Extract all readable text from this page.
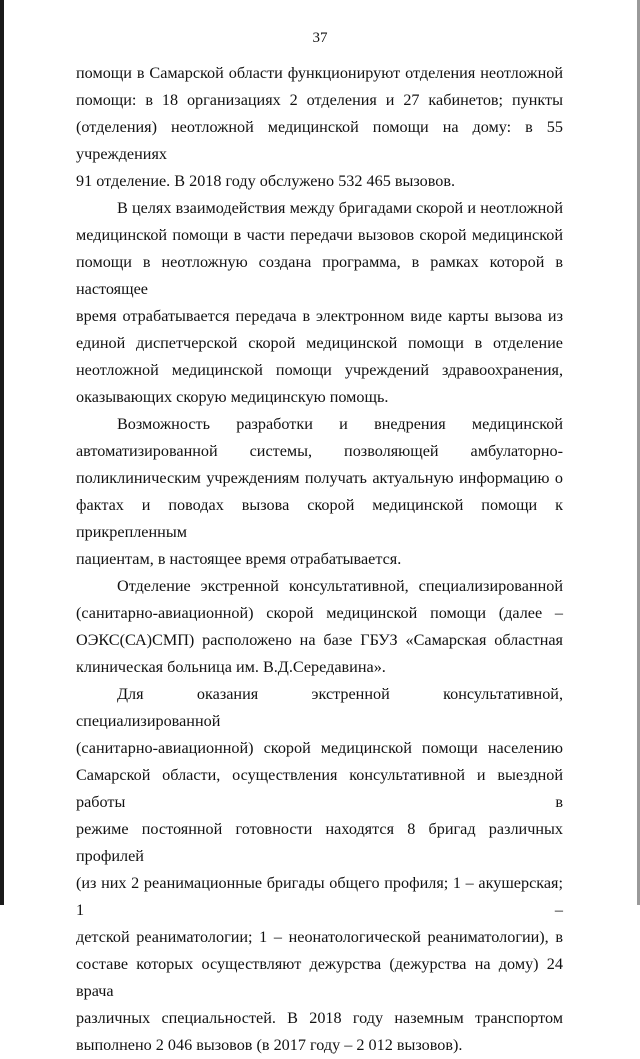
37

помощи в Самарской области функционируют отделения неотложной

помощи: в 18 организациях 2 отделения и 27 кабинетов; пункты

(отделения) неотложной медицинской помощи на дому: в 55 учреждениях

91 отделение. В 2018 году обслужено 532 465 вызовов.

В целях взаимодействия между бригадами скорой и неотложной

медицинской помощи в части передачи вызовов скорой медицинской

помощи в неотложную создана программа, в рамках которой в настоящее

время отрабатывается передача в электронном виде карты вызова из

единой диспетчерской скорой медицинской помощи в отделение

неотложной медицинской помощи учреждений здравоохранения,

оказывающих скорую медицинскую помощь.

Возможность разработки и внедрения медицинской

автоматизированной системы, позволяющей амбулаторно-

поликлиническим учреждениям получать актуальную информацию о

фактах и поводах вызова скорой медицинской помощи к прикрепленным

пациентам, в настоящее время отрабатывается.

Отделение экстренной консультативной, специализированной

(санитарно-авиационной) скорой медицинской помощи (далее –

ОЭКС(СА)СМП) расположено на базе ГБУЗ «Самарская областная

клиническая больница им. В.Д.Середавина».

Для оказания экстренной консультативной, специализированной

(санитарно-авиационной) скорой медицинской помощи населению

Самарской области, осуществления консультативной и выездной работы в

режиме постоянной готовности находятся 8 бригад различных профилей

(из них 2 реанимационные бригады общего профиля; 1 – акушерская; 1 –

детской реаниматологии; 1 – неонатологической реаниматологии), в

составе которых осуществляют дежурства (дежурства на дому) 24 врача

различных специальностей. В 2018 году наземным транспортом

выполнено 2 046 вызовов (в 2017 году – 2 012 вызовов).
